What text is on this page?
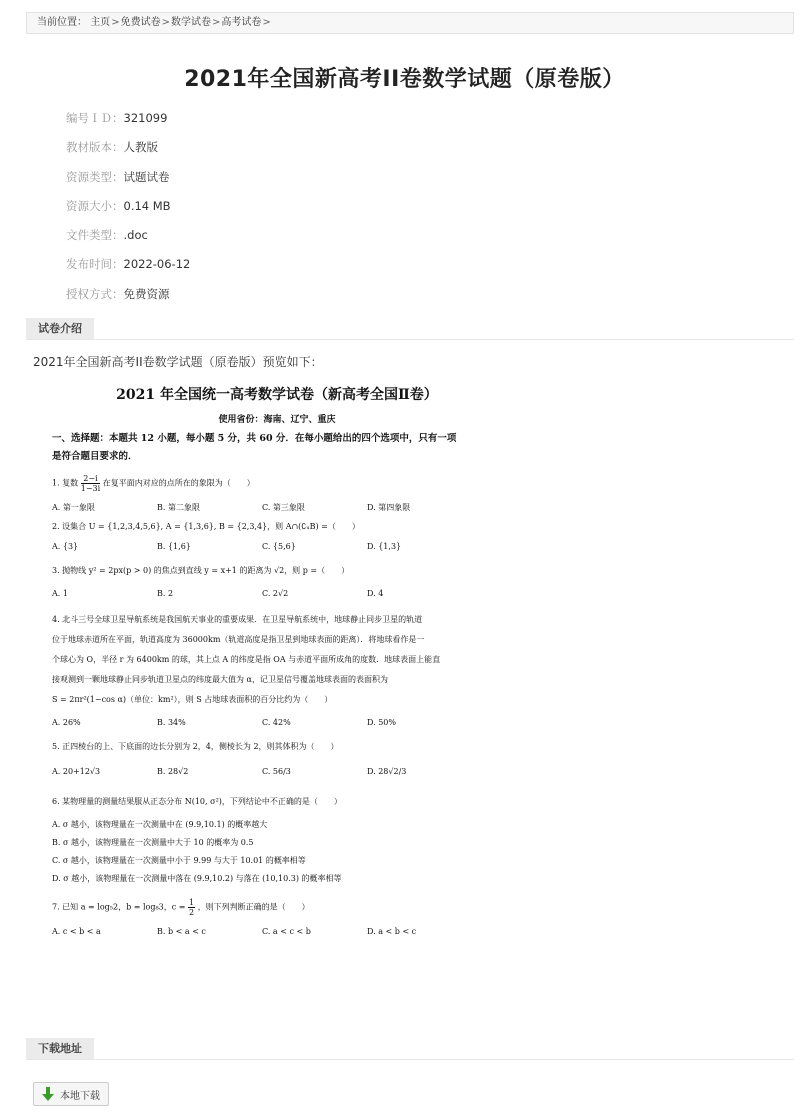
当前位置： 主页>免费试卷>数学试卷>高考试卷>
2021年全国新高考II卷数学试题（原卷版）
编号ＩＤ：321099
教材版本：人教版
资源类型：试题试卷
资源大小：0.14 MB
文件类型：.doc
发布时间：2022-06-12
授权方式：免费资源
试卷介绍
2021年全国新高考II卷数学试题（原卷版）预览如下：
2021 年全国统一高考数学试卷（新高考全国Ⅱ卷）
使用省份：海南、辽宁、重庆
一、选择题：本题共 12 小题，每小题 5 分，共 60 分．在每小题给出的四个选项中，只有一项
是符合题目要求的．
1. 复数 $\frac{2-i}{1-3i}$ 在复平面内对应的点所在的象限为（　　）
A. 第一象限	B. 第二象限	C. 第三象限	D. 第四象限
2. 设集合 U = {1,2,3,4,5,6}, A = {1,3,6}, B = {2,3,4}，则 A∩(∁ᵤB) =（　　）
A. {3}	B. {1,6}	C. {5,6}	D. {1,3}
3. 抛物线 y² = 2px(p > 0) 的焦点到直线 y = x+1 的距离为 √2，则 p =（　　）
A. 1	B. 2	C. 2√2	D. 4
4. 北斗三号全球卫星导航系统是我国航天事业的重要成果．在卫星导航系统中，地球静止同步卫星的轨道
位于地球赤道所在平面，轨道高度为 36000km（轨道高度是指卫星到地球表面的距离）．将地球看作是一
个球心为 O，半径 r 为 6400km 的球，其上点 A 的纬度是指 OA 与赤道平面所成角的度数．地球表面上能直
接观测到一颗地球静止同步轨道卫星点的纬度最大值为 α，记卫星信号覆盖地球表面的表面积为
S = 2πr²(1−cos α)（单位：km²），则 S 占地球表面积的百分比约为（　　）
A. 26%	B. 34%	C. 42%	D. 50%
5. 正四棱台的上、下底面的边长分别为 2，4，侧棱长为 2，则其体积为（　　）
A. 20+12√3	B. 28√2	C. 56/3	D. 28√2/3
6. 某物理量的测量结果服从正态分布 N(10, σ²)，下列结论中不正确的是（　　）
A. σ 越小，该物理量在一次测量中在 (9.9,10.1) 的概率越大
B. σ 越小，该物理量在一次测量中大于 10 的概率为 0.5
C. σ 越小，该物理量在一次测量中小于 9.99 与大于 10.01 的概率相等
D. σ 越小，该物理量在一次测量中落在 (9.9,10.2) 与落在 (10,10.3) 的概率相等
7. 已知 a = log₅2，b = log₈3，$c = \frac{1}{2}$ ，则下列判断正确的是（　　）
A. c < b < a	B. b < a < c	C. a < c < b	D. a < b < c
下载地址
本地下载
